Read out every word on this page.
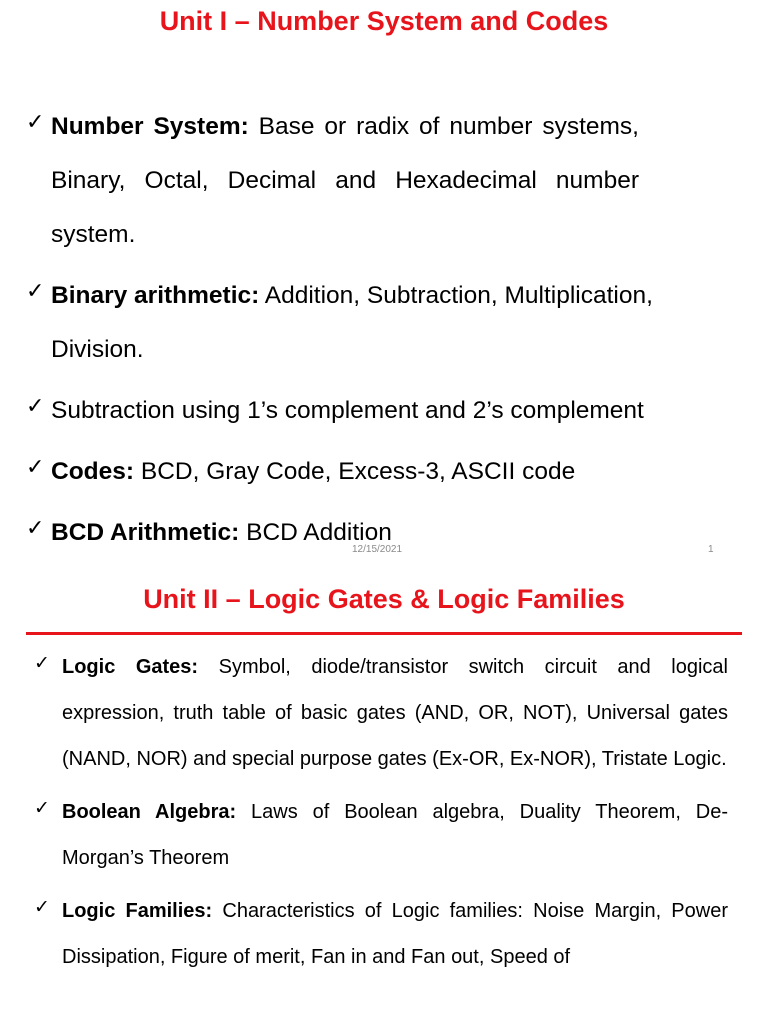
Unit I – Number System and Codes
✓ Number System: Base or radix of number systems, Binary, Octal, Decimal and Hexadecimal number system.
✓ Binary arithmetic: Addition, Subtraction, Multiplication, Division.
✓ Subtraction using 1’s complement and 2’s complement
✓ Codes: BCD, Gray Code, Excess-3, ASCII code
✓ BCD Arithmetic: BCD Addition
12/15/2021	1
Unit II – Logic Gates & Logic Families
✓ Logic Gates: Symbol, diode/transistor switch circuit and logical expression, truth table of basic gates (AND, OR, NOT), Universal gates (NAND, NOR) and special purpose gates (Ex-OR, Ex-NOR), Tristate Logic.
✓ Boolean Algebra: Laws of Boolean algebra, Duality Theorem, De-Morgan’s Theorem
✓ Logic Families: Characteristics of Logic families: Noise Margin, Power Dissipation, Figure of merit, Fan in and Fan out, Speed of
